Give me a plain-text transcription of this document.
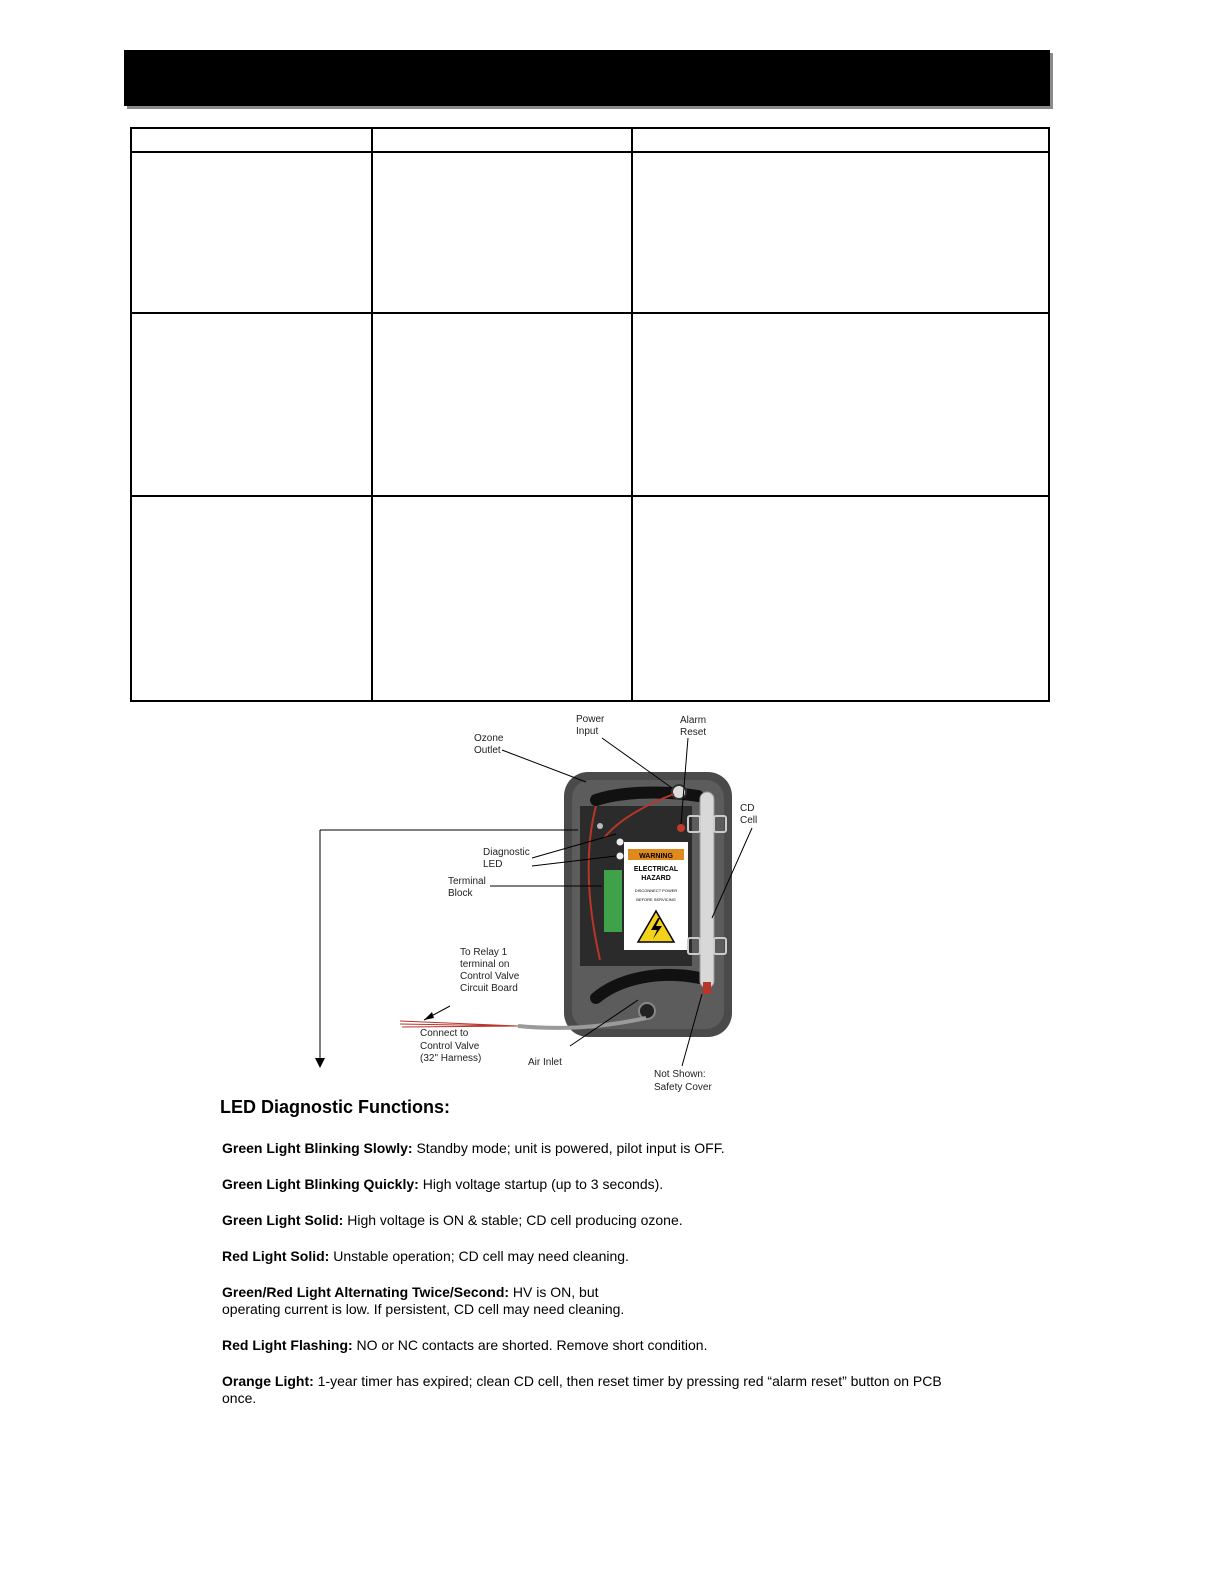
WARNING
ELECTRICAL
HAZARD
DISCONNECT POWER
BEFORE SERVICING
Power
Input
Alarm
Reset
Ozone
Outlet
CD
Cell
Diagnostic
LED
Terminal
Block
To Relay 1
terminal on
Control Valve
Circuit Board
Connect to
Control Valve
(32" Harness)	Air Inlet
Not Shown:
Safety Cover
LED Diagnostic Functions:

Green Light Blinking Slowly: Standby mode; unit is powered, pilot input is OFF.

Green Light Blinking Quickly: High voltage startup (up to 3 seconds).

Green Light Solid: High voltage is ON & stable; CD cell producing ozone.

Red Light Solid: Unstable operation; CD cell may need cleaning.

Green/Red Light Alternating Twice/Second: HV is ON, but
operating current is low. If persistent, CD cell may need cleaning.

Red Light Flashing: NO or NC contacts are shorted. Remove short condition.

Orange Light: 1-year timer has expired; clean CD cell, then reset timer by pressing red “alarm reset” button on PCB
once.
